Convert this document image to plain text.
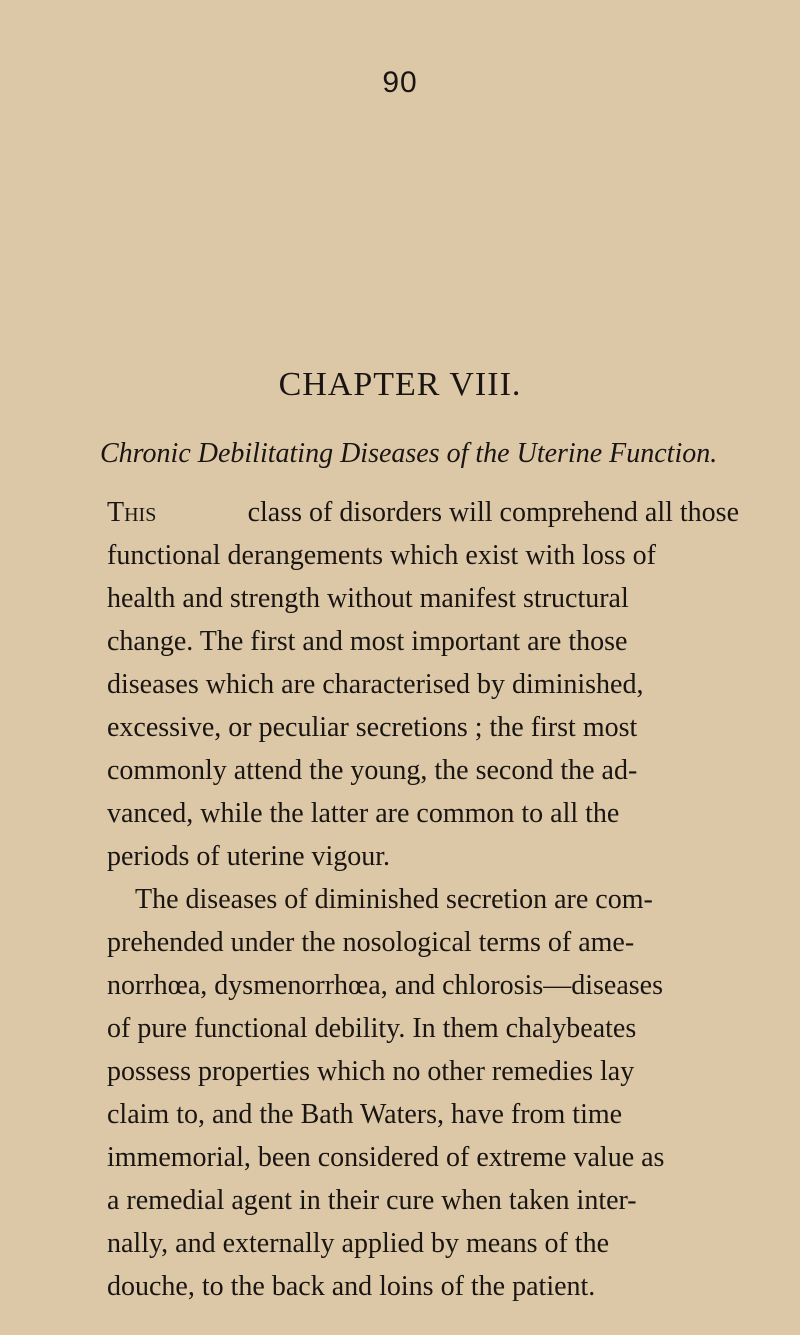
90
CHAPTER VIII.
Chronic Debilitating Diseases of the Uterine Function.
This	class of disorders will comprehend all those
functional derangements which exist with loss of
health and strength without manifest structural
change. The first and most important are those
diseases which are characterised by diminished,
excessive, or peculiar secretions ; the first most
commonly attend the young, the second the ad-
vanced, while the latter are common to all the
periods of uterine vigour.
The diseases of diminished secretion are com-
prehended under the nosological terms of ame-
norrhœa, dysmenorrhœa, and chlorosis—diseases
of pure functional debility. In them chalybeates
possess properties which no other remedies lay
claim to, and the Bath Waters, have from time
immemorial, been considered of extreme value as
a remedial agent in their cure when taken inter-
nally, and externally applied by means of the
douche, to the back and loins of the patient.
